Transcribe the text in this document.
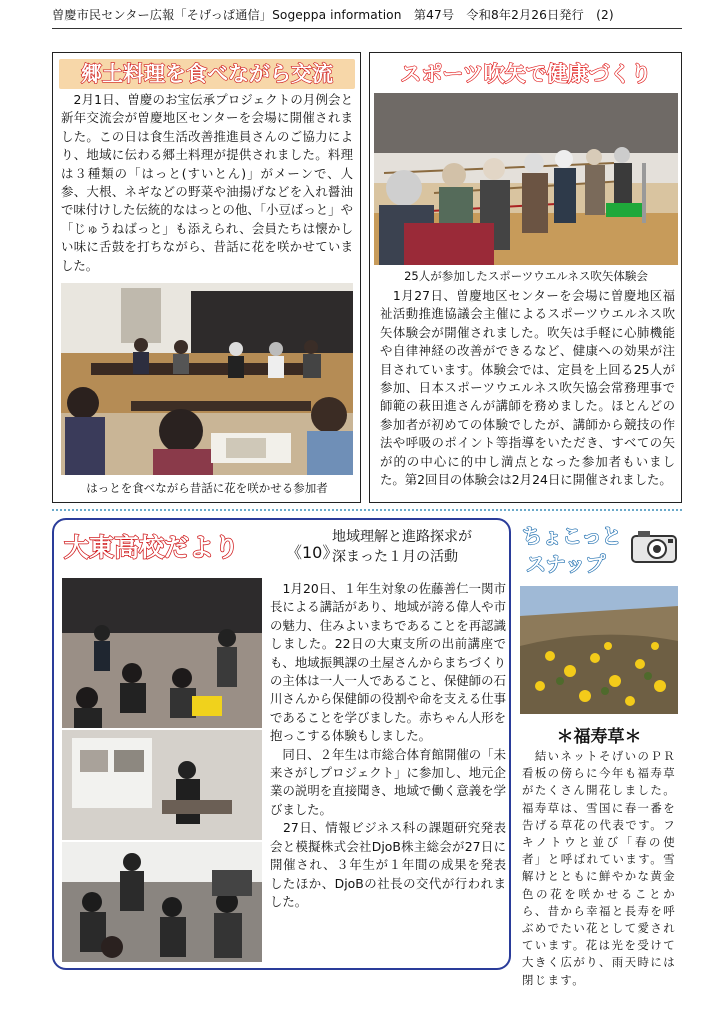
曽慶市民センター広報「そげっぱ通信」Sogeppa information　第47号　令和8年2月26日発行　(2)
郷土料理を食べながら交流
　2月1日、曽慶のお宝伝承プロジェクトの月例会と新年交流会が曽慶地区センターを会場に開催されました。この日は食生活改善推進員さんのご協力により、地域に伝わる郷土料理が提供されました。料理は３種類の「はっと(すいとん)」がメーンで、人参、大根、ネギなどの野菜や油揚げなどを入れ醤油で味付けした伝統的なはっとの他、「小豆ばっと」や「じゅうねばっと」も添えられ、会員たちは懐かしい味に舌鼓を打ちながら、昔話に花を咲かせていました。
はっとを食べながら昔話に花を咲かせる参加者
スポーツ吹矢で健康づくり
25人が参加したスポーツウエルネス吹矢体験会
　1月27日、曽慶地区センターを会場に曽慶地区福祉活動推進協議会主催によるスポーツウエルネス吹矢体験会が開催されました。吹矢は手軽に心肺機能や自律神経の改善ができるなど、健康への効果が注目されています。体験会では、定員を上回る25人が参加、日本スポーツウエルネス吹矢協会常務理事で師範の萩田進さんが講師を務めました。ほとんどの参加者が初めての体験でしたが、講師から競技の作法や呼吸のポイント等指導をいただき、すべての矢が的の中心に的中し満点となった参加者もいました。第2回目の体験会は2月24日に開催されました。
大東高校だより	《10》
地域理解と進路探求が
深まった１月の活動
　1月20日、１年生対象の佐藤善仁一関市長による講話があり、地域が誇る偉人や市の魅力、住みよいまちであることを再認識しました。22日の大東支所の出前講座でも、地域振興課の土屋さんからまちづくりの主体は一人一人であること、保健師の石川さんから保健師の役割や命を支える仕事であることを学びました。赤ちゃん人形を抱っこする体験もしました。
　同日、２年生は市総合体育館開催の「未来さがしプロジェクト」に参加し、地元企業の説明を直接聞き、地域で働く意義を学びました。
　27日、情報ビジネス科の課題研究発表会と模擬株式会社DjoB株主総会が27日に開催され、３年生が１年間の成果を発表したほか、DjoBの社長の交代が行われました。
ちょこっと
スナップ
＊福寿草＊
　結いネットそげいのＰＲ看板の傍らに今年も福寿草がたくさん開花しました。福寿草は、雪国に春一番を告げる草花の代表です。フキノトウと並び「春の使者」と呼ばれています。雪解けとともに鮮やかな黄金色の花を咲かせることから、昔から幸福と長寿を呼ぶめでたい花として愛されています。花は光を受けて大きく広がり、雨天時には閉じます。
